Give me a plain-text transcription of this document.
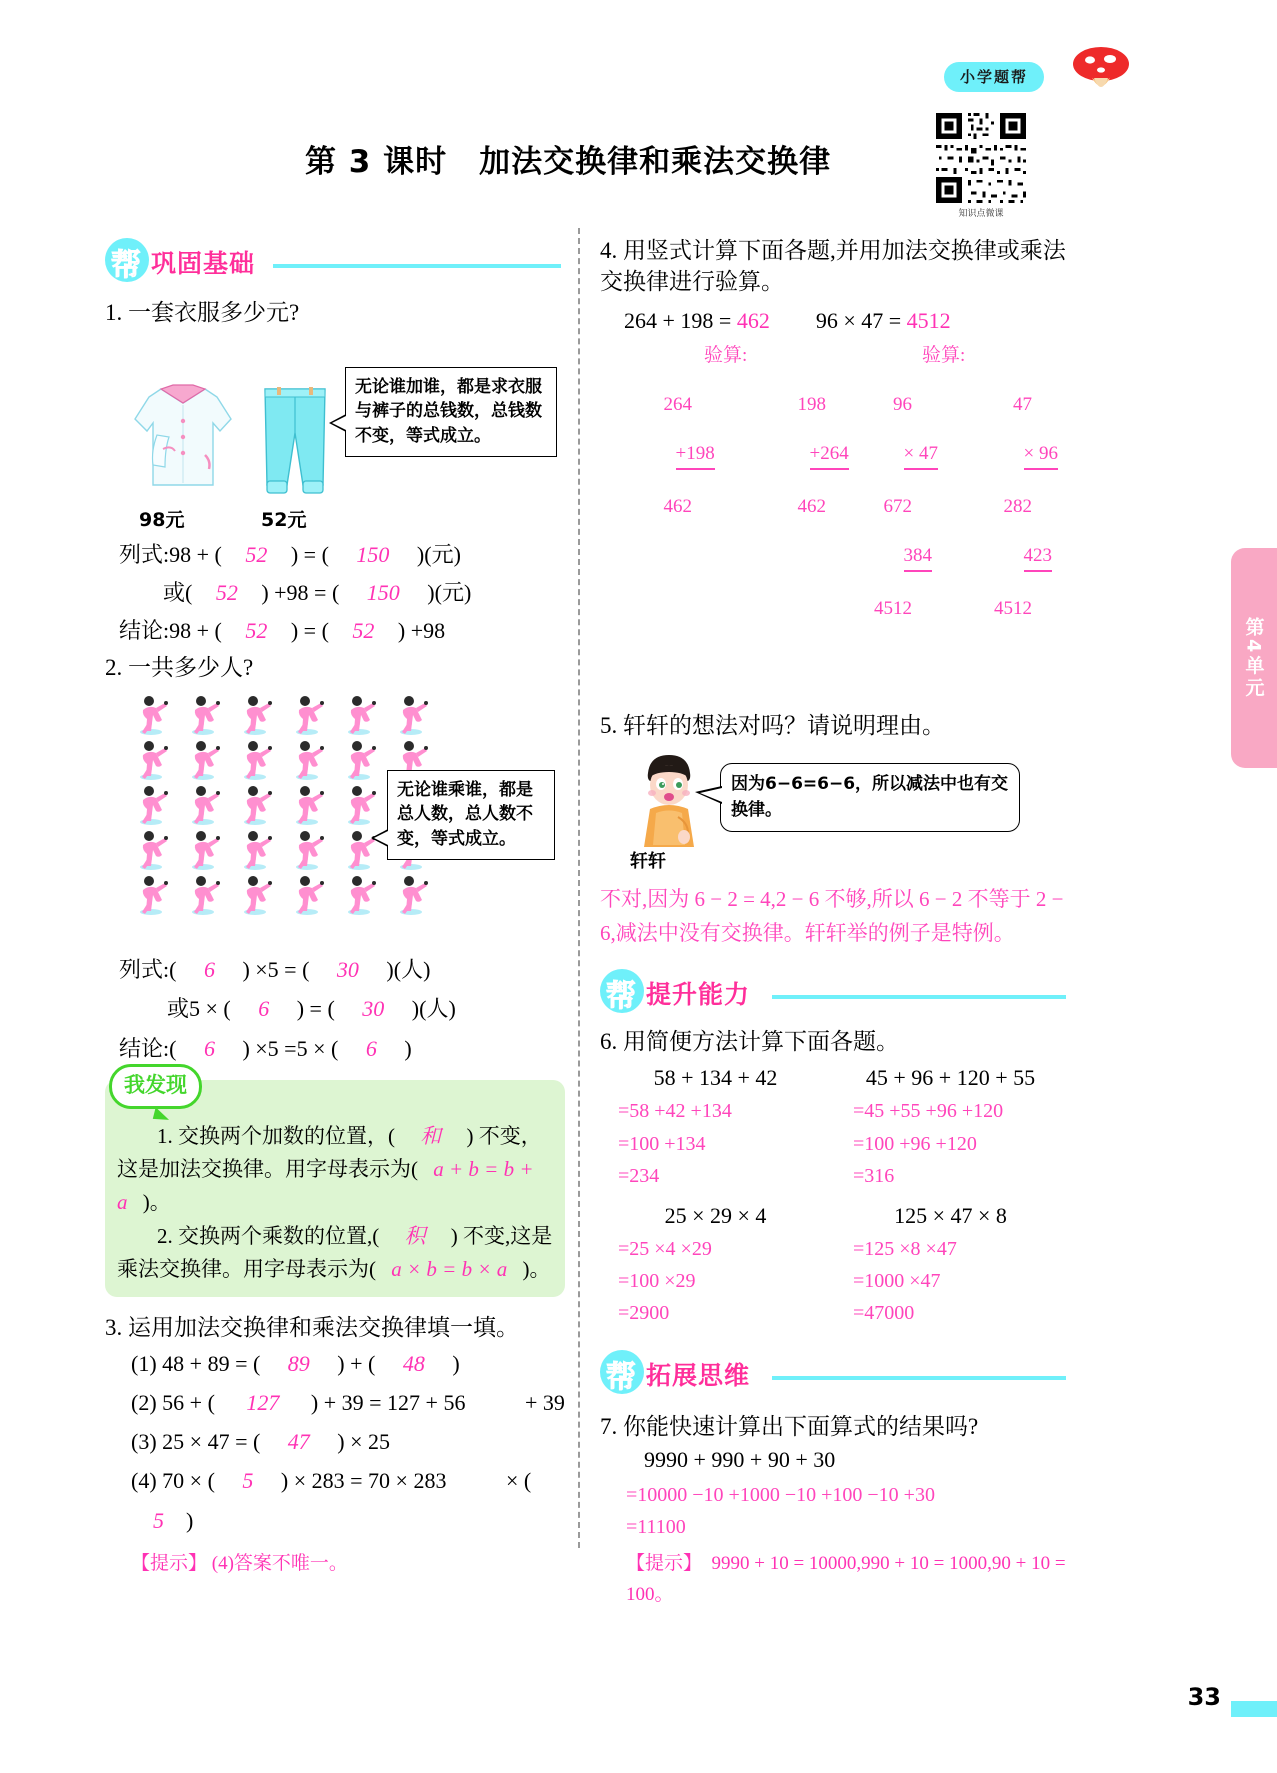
小学题帮
知识点微课
第 3 课时　加法交换律和乘法交换律
第4单元
帮 巩固基础
1. 一套衣服多少元?
98元	52元
无论谁加谁，都是求衣服与裤子的总钱数，总钱数不变，等式成立。
列式:98 + ( 52 ) = ( 150 )(元)
或( 52 ) +98 = ( 150 )(元)
结论:98 + ( 52 ) = ( 52 ) +98
2. 一共多少人?
无论谁乘谁，都是总人数，总人数不变，等式成立。
列式:( 6 ) ×5 = ( 30 )(人)
或5 × ( 6 ) = ( 30 )(人)
结论:( 6 ) ×5 =5 × ( 6 )
我发现
1. 交换两个加数的位置，( 和 ) 不变，这是加法交换律。用字母表示为( a + b = b + a )。
2. 交换两个乘数的位置,( 积 ) 不变,这是乘法交换律。用字母表示为( a × b = b × a )。
3. 运用加法交换律和乘法交换律填一填。
(1) 48 + 89 = ( 89 ) + ( 48 )
(2) 56 + ( 127 ) + 39 = 127 + 56	+ 39
(3) 25 × 47 = ( 47 ) × 25
(4) 70 × ( 5 ) × 283 = 70 × 283	× ( 5 )
【提示】 (4)答案不唯一。
4. 用竖式计算下面各题,并用加法交换律或乘法交换律进行验算。
264 + 198 = 462 96 × 47 = 4512

264

+198

462

验算:

198

+264

462

96

× 47

672

384

4512

验算:

47

× 96

282

423

4512

5. 轩轩的想法对吗？请说明理由。
轩轩
因为6−6=6−6，所以减法中也有交换律。
不对,因为 6 − 2 = 4,2 − 6 不够,所以 6 − 2 不等于 2 − 6,减法中没有交换律。轩轩举的例子是特例。
帮 提升能力
6. 用简便方法计算下面各题。
58 + 134 + 42
=58 +42 +134
=100 +134
=234
45 + 96 + 120 + 55
=45 +55 +96 +120
=100 +96 +120
=316
25 × 29 × 4
=25 ×4 ×29
=100 ×29
=2900
125 × 47 × 8
=125 ×8 ×47
=1000 ×47
=47000
帮 拓展思维
7. 你能快速计算出下面算式的结果吗?
9990 + 990 + 90 + 30
=10000 −10 +1000 −10 +100 −10 +30
=11100
【提示】　9990 + 10 = 10000,990 + 10 = 1000,90 + 10 = 100。
33
